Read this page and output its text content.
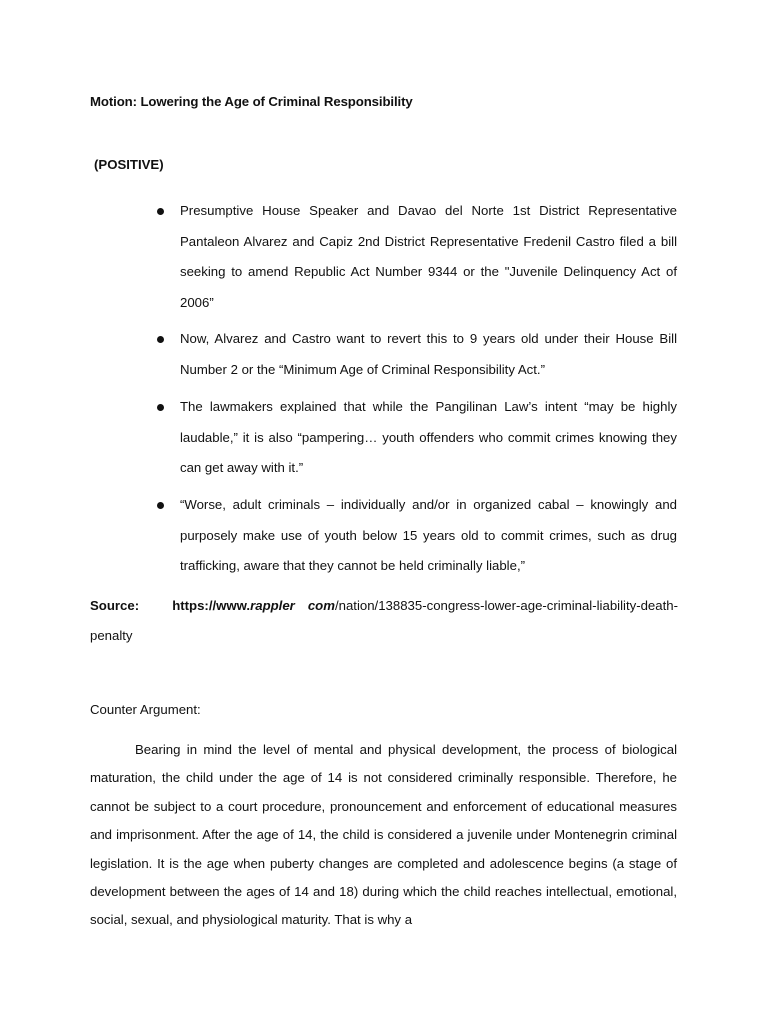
Motion: Lowering the Age of Criminal Responsibility
(POSITIVE)
Presumptive House Speaker and Davao del Norte 1st District Representative Pantaleon Alvarez and Capiz 2nd District Representative Fredenil Castro filed a bill seeking to amend Republic Act Number 9344 or the "Juvenile Delinquency Act of 2006”
Now, Alvarez and Castro want to revert this to 9 years old under their House Bill Number 2 or the “Minimum Age of Criminal Responsibility Act.”
The lawmakers explained that while the Pangilinan Law’s intent “may be highly laudable,” it is also “pampering… youth offenders who commit crimes knowing they can get away with it.”
“Worse, adult criminals – individually and/or in organized cabal – knowingly and purposely make use of youth below 15 years old to commit crimes, such as drug trafficking, aware that they cannot be held criminally liable,”
Source:	https://www.rappler com/nation/138835-congress-lower-age-criminal-liability-death-
penalty
Counter Argument:

Bearing in mind the level of mental and physical development, the process of biological maturation, the child under the age of 14 is not considered criminally responsible. Therefore, he cannot be subject to a court procedure, pronouncement and enforcement of educational measures and imprisonment. After the age of 14, the child is considered a juvenile under Montenegrin criminal legislation. It is the age when puberty changes are completed and adolescence begins (a stage of development between the ages of 14 and 18) during which the child reaches intellectual, emotional, social, sexual, and physiological maturity. That is why a
